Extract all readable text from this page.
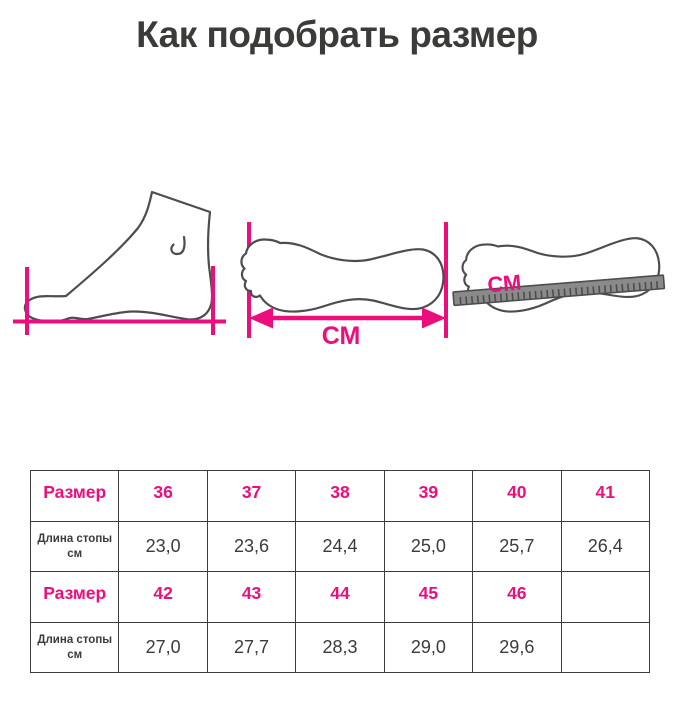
Как подобрать размер
СМ
СМ
Размер	36	37	38	39	40	41
Длина стопы см	23,0	23,6	24,4	25,0	25,7	26,4
Размер	42	43	44	45	46	
Длина стопы см	27,0	27,7	28,3	29,0	29,6	
